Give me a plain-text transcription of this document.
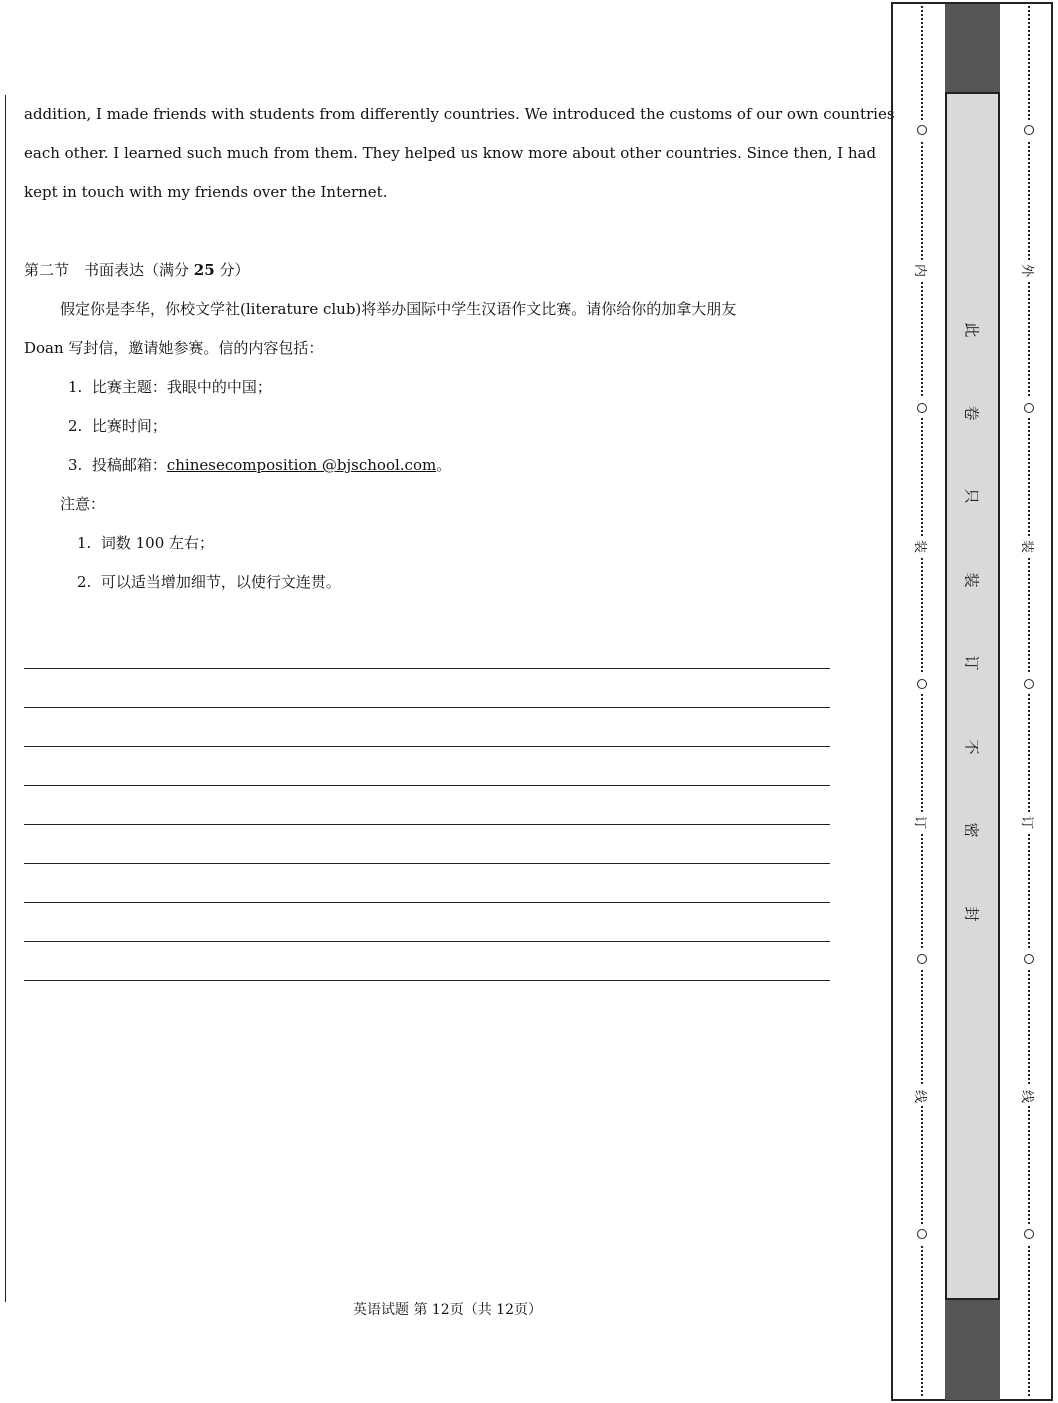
addition, I made friends with students from differently countries. We introduced the customs of our own countries
each other. I learned such much from them. They helped us know more about other countries. Since then, I had
kept in touch with my friends over the Internet.
第二节　书面表达（满分 25 分）
假定你是李华，你校文学社(literature club)将举办国际中学生汉语作文比赛。请你给你的加拿大朋友
Doan 写封信，邀请她参赛。信的内容包括：
1. 比赛主题：我眼中的中国；
2. 比赛时间；
3. 投稿邮箱：chinesecomposition @bjschool.com。
注意：
1. 词数 100 左右；
2. 可以适当增加细节，以使行文连贯。
英语试题 第 12页（共 12页）
内
装
订
线
此
卷
只
装
订
不
密
封
外
装
订
线
